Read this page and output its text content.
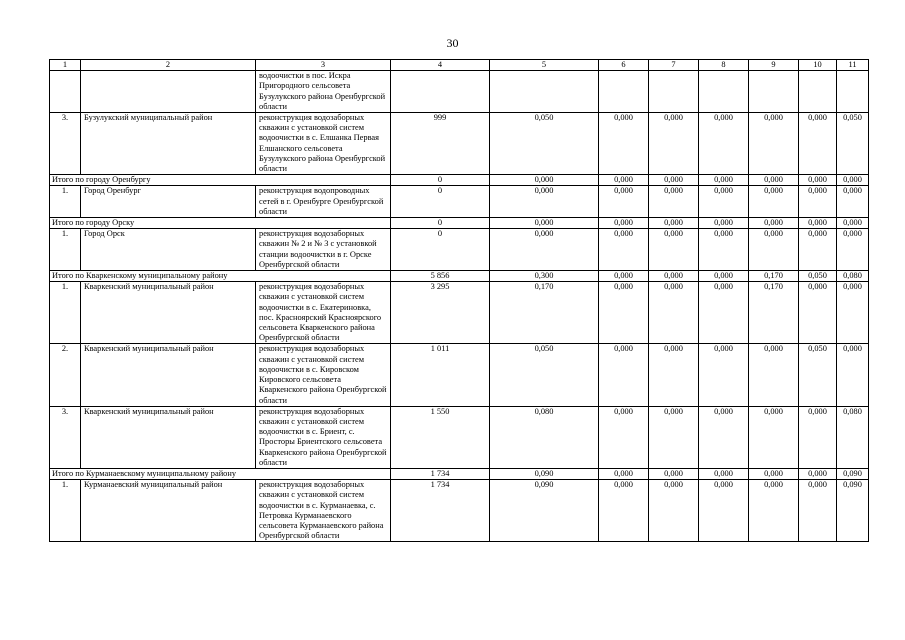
30
1	2	3	4	5	6	7	8	9	10	11
		водоочистки в пос. Искра Пригородного сельсовета Бузулукского района Оренбургской области								
3.	Бузулукский муниципальный район	реконструкция водозаборных скважин с установкой систем водоочистки в с. Елшанка Первая Елшанского сельсовета Бузулукского района Оренбургской области	999	0,050	0,000	0,000	0,000	0,000	0,000	0,050
Итого по городу Оренбургу			0	0,000	0,000	0,000	0,000	0,000	0,000	0,000
1.	Город Оренбург	реконструкция водопроводных сетей в г. Оренбурге Оренбургской области	0	0,000	0,000	0,000	0,000	0,000	0,000	0,000
Итого по городу Орску			0	0,000	0,000	0,000	0,000	0,000	0,000	0,000
1.	Город Орск	реконструкция водозаборных скважин № 2 и № 3 с установкой станции водоочистки в г. Орске Оренбургской области	0	0,000	0,000	0,000	0,000	0,000	0,000	0,000
Итого по Кваркенскому муниципальному району			5 856	0,300	0,000	0,000	0,000	0,170	0,050	0,080
1.	Кваркенский муниципальный район	реконструкция водозаборных скважин с установкой систем водоочистки в с. Екатериновка, пос. Красноярский Красноярского сельсовета Кваркенского района Оренбургской области	3 295	0,170	0,000	0,000	0,000	0,170	0,000	0,000
2.	Кваркенский муниципальный район	реконструкция водозаборных скважин с установкой систем водоочистки в с. Кировском Кировского сельсовета Кваркенского района Оренбургской области	1 011	0,050	0,000	0,000	0,000	0,000	0,050	0,000
3.	Кваркенский муниципальный район	реконструкция водозаборных скважин с установкой систем водоочистки в с. Бриент, с. Просторы Бриентского сельсовета Кваркенского района Оренбургской области	1 550	0,080	0,000	0,000	0,000	0,000	0,000	0,080
Итого по Курманаевскому муниципальному району			1 734	0,090	0,000	0,000	0,000	0,000	0,000	0,090
1.	Курманаевский муниципальный район	реконструкция водозаборных скважин с установкой систем водоочистки в с. Курманаевка, с. Петровка Курманаевского сельсовета Курманаевского района Оренбургской области	1 734	0,090	0,000	0,000	0,000	0,000	0,000	0,090
